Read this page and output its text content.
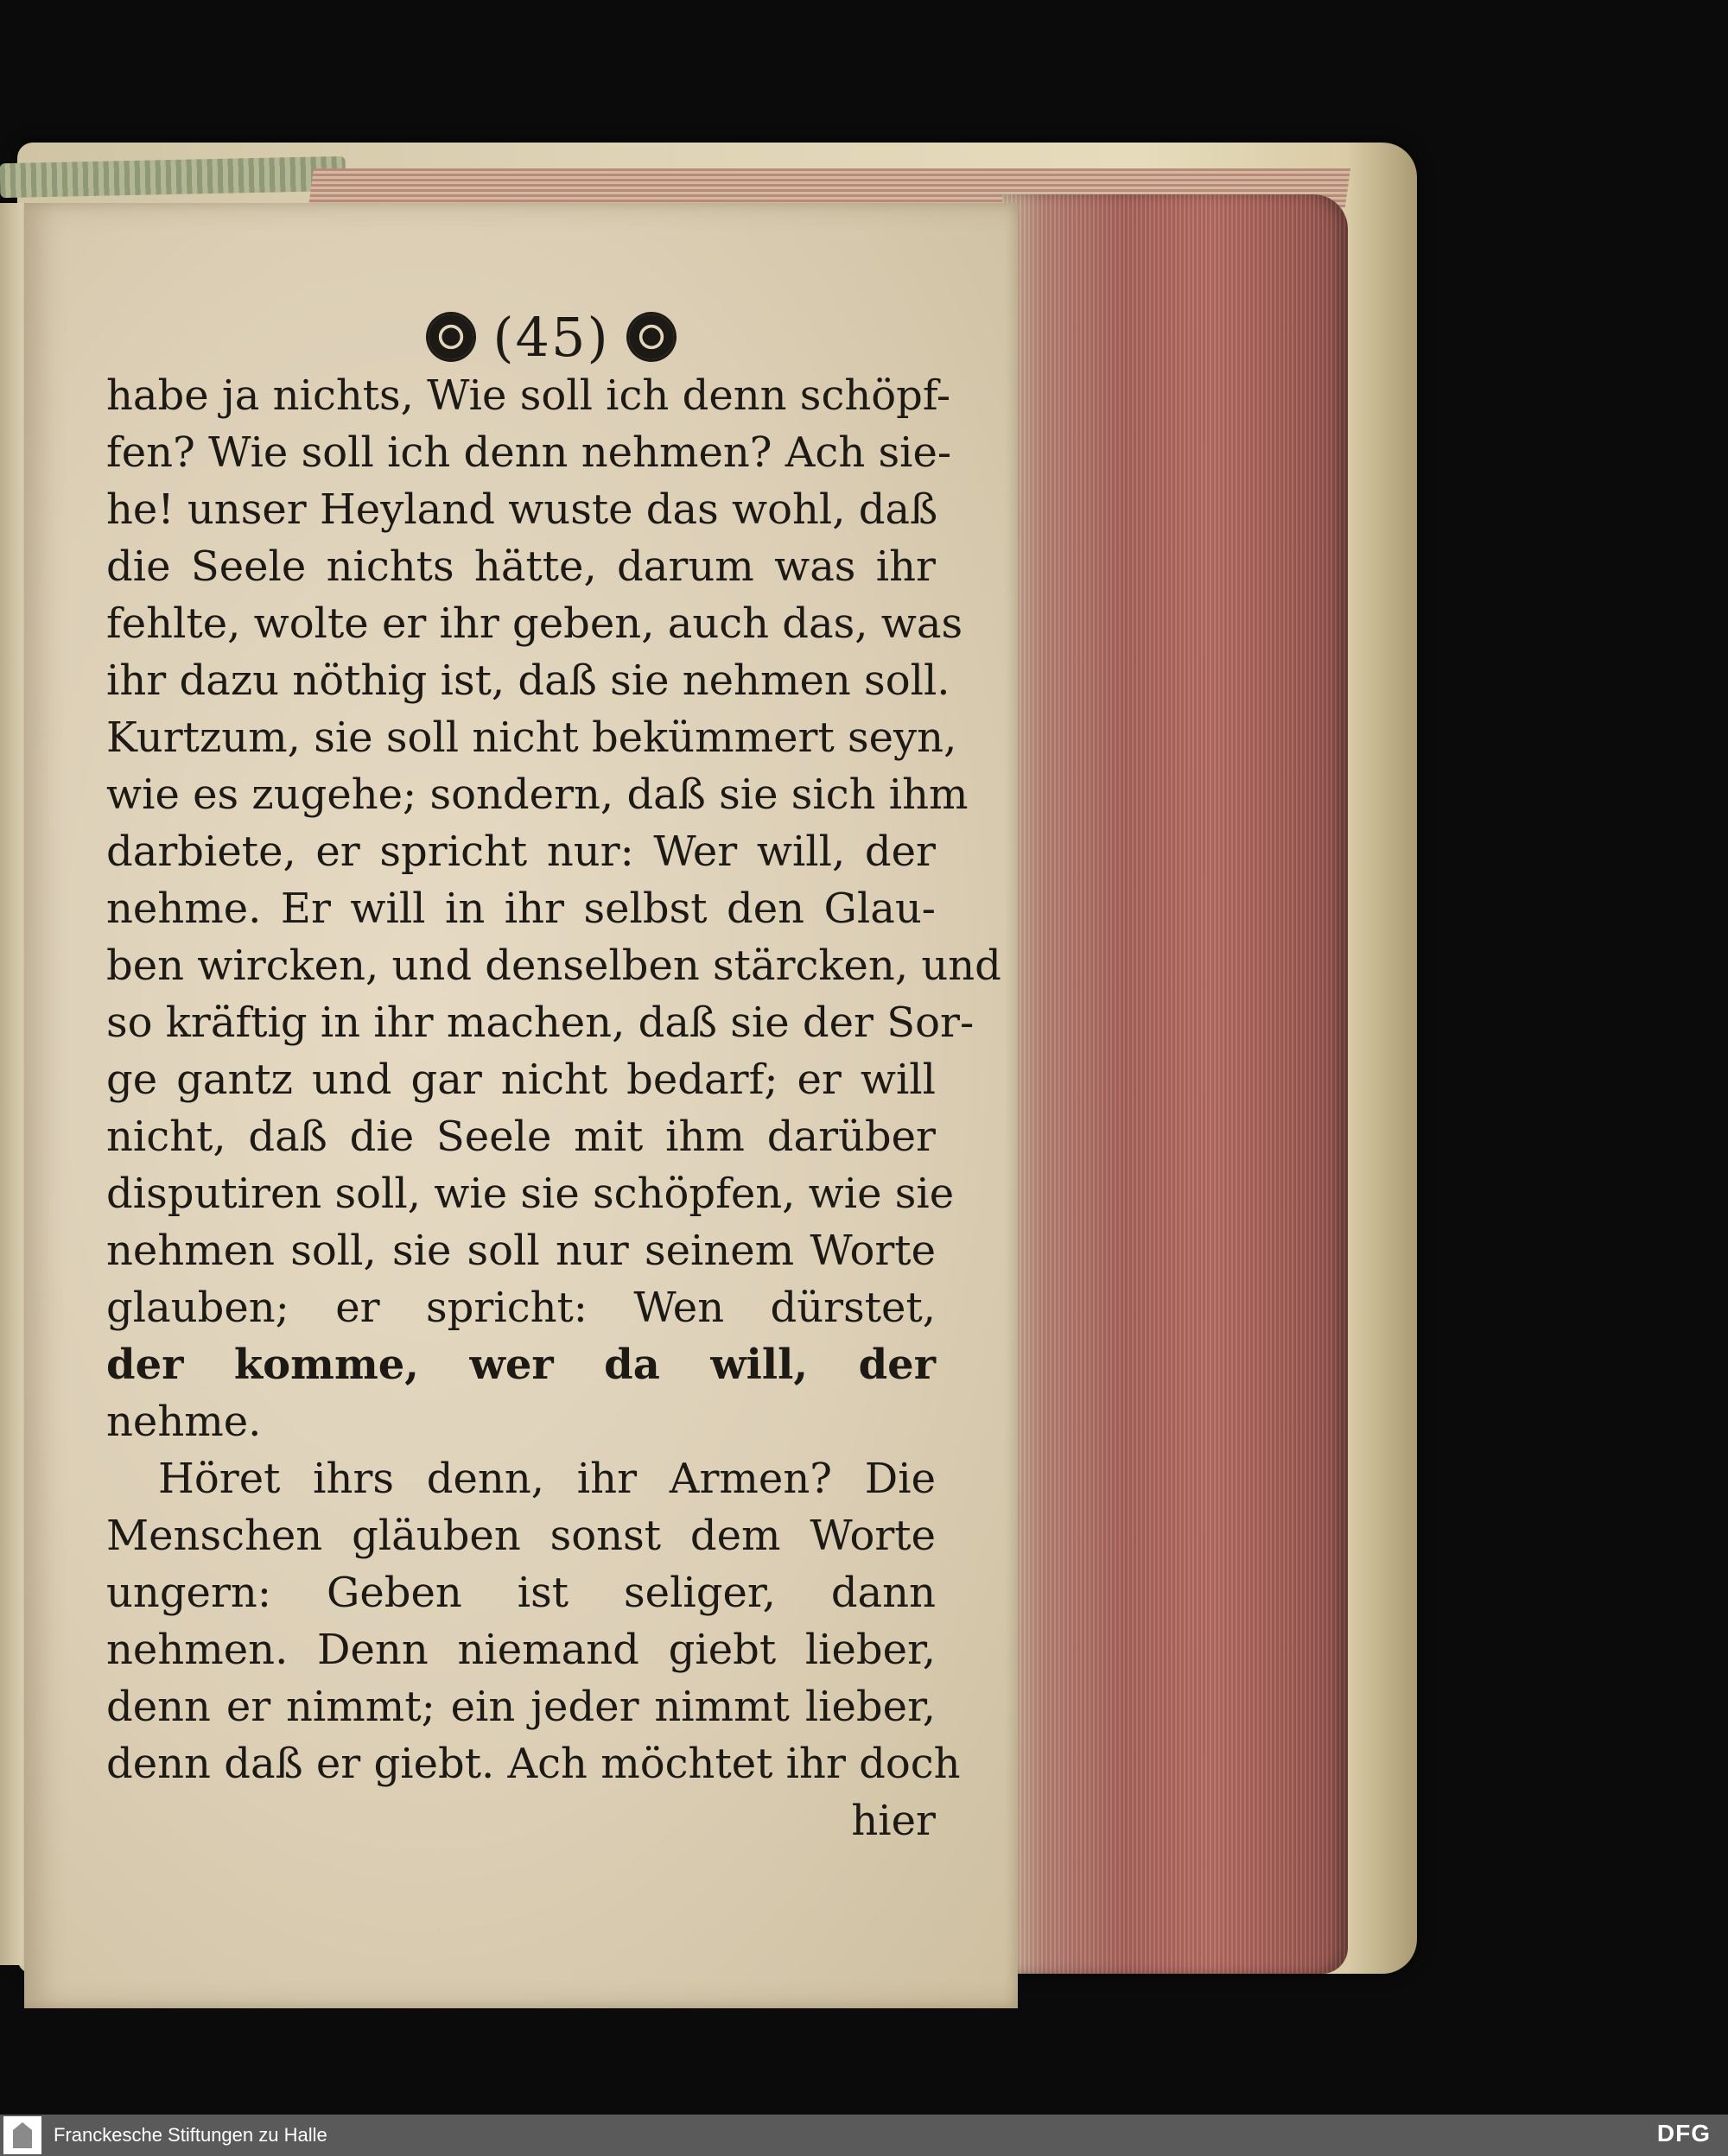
(45)
habe ja nichts, Wie soll ich denn schöpf-
fen? Wie soll ich denn nehmen? Ach sie-
he! unser Heyland wuste das wohl, daß
die Seele nichts hätte, darum was ihr
fehlte, wolte er ihr geben, auch das, was
ihr dazu nöthig ist, daß sie nehmen soll.
Kurtzum, sie soll nicht bekümmert seyn,
wie es zugehe; sondern, daß sie sich ihm
darbiete, er spricht nur: Wer will, der
nehme. Er will in ihr selbst den Glau-
ben wircken, und denselben stärcken, und
so kräftig in ihr machen, daß sie der Sor-
ge gantz und gar nicht bedarf; er will
nicht, daß die Seele mit ihm darüber
disputiren soll, wie sie schöpfen, wie sie
nehmen soll, sie soll nur seinem Worte
glauben; er spricht: Wen dürstet,
der komme, wer da will, der
nehme.
Höret ihrs denn, ihr Armen? Die
Menschen gläuben sonst dem Worte
ungern: Geben ist seliger, dann
nehmen. Denn niemand giebt lieber,
denn er nimmt; ein jeder nimmt lieber,
denn daß er giebt. Ach möchtet ihr doch
hier
Franckesche Stiftungen zu Halle	DFG
